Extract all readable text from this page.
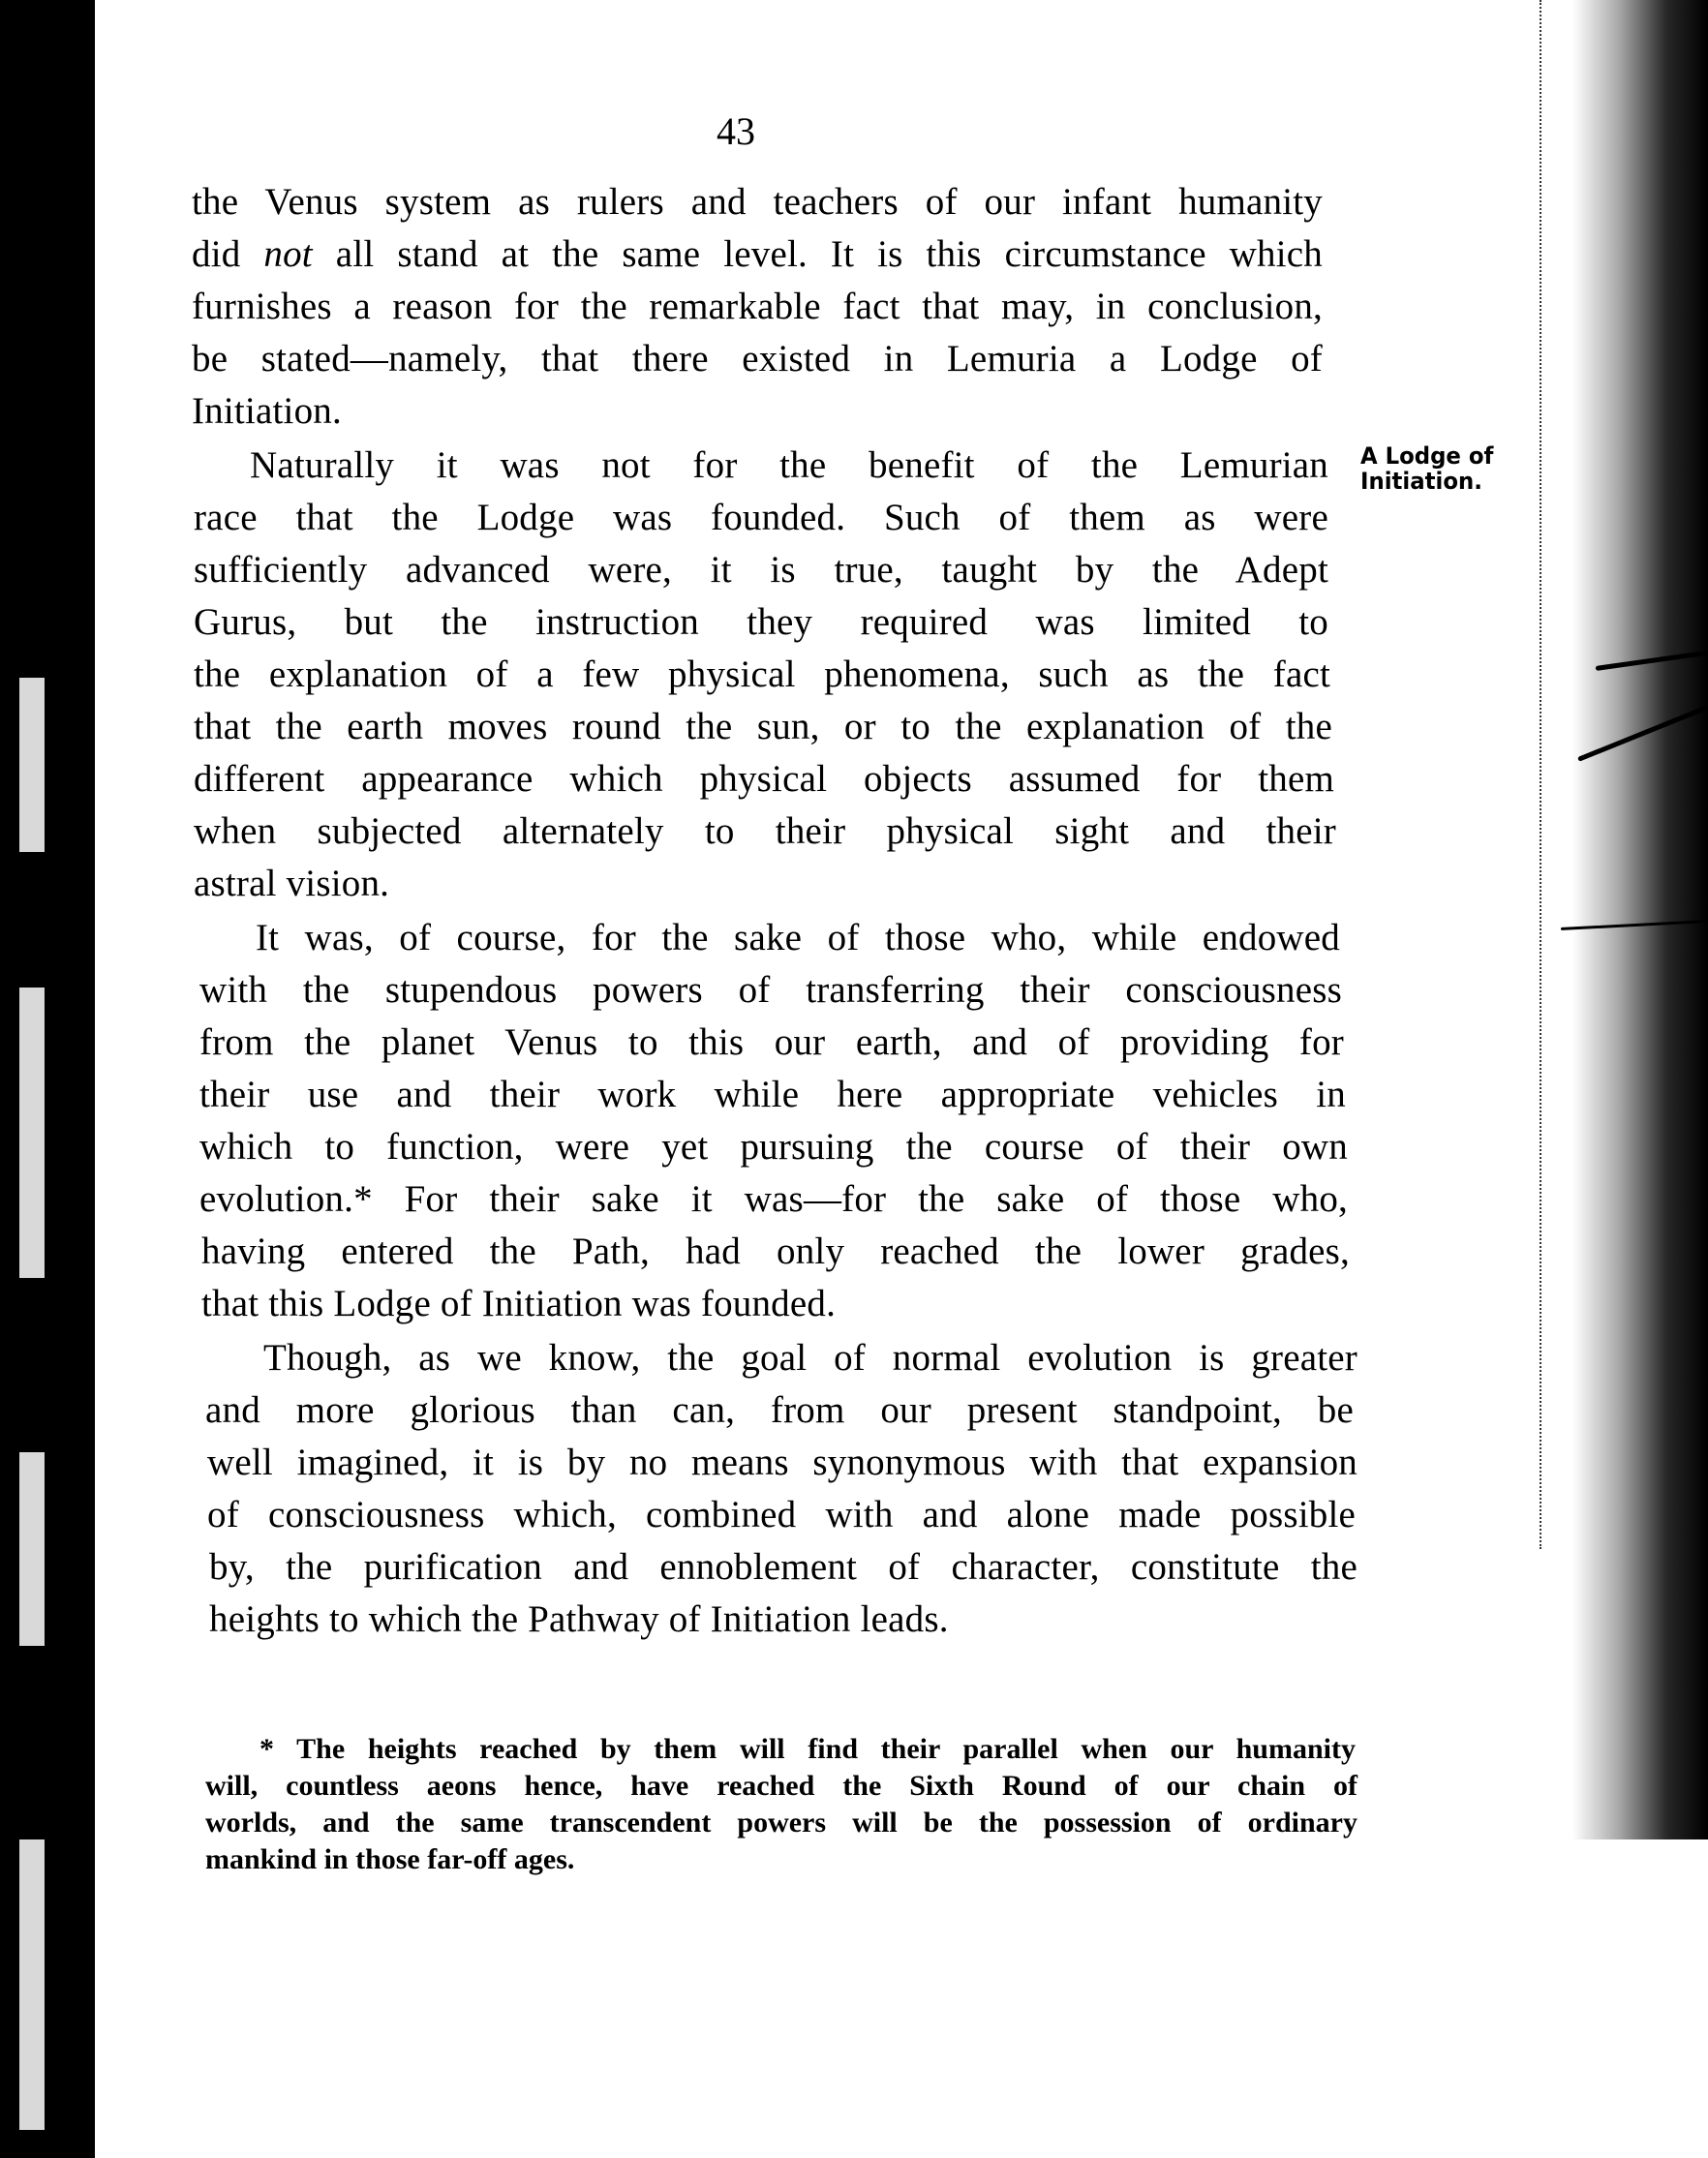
43
A Lodge of
Initiation.
the Venus system as rulers and teachers of our infant humanity
did not all stand at the same level. It is this circumstance which
furnishes a reason for the remarkable fact that may, in conclusion,
be stated—namely, that there existed in Lemuria a Lodge of
Initiation.
Naturally it was not for the benefit of the Lemurian
race that the Lodge was founded. Such of them as were
sufficiently advanced were, it is true, taught by the Adept
Gurus, but the instruction they required was limited to
the explanation of a few physical phenomena, such as the fact
that the earth moves round the sun, or to the explanation of the
different appearance which physical objects assumed for them
when subjected alternately to their physical sight and their
astral vision.
It was, of course, for the sake of those who, while endowed
with the stupendous powers of transferring their consciousness
from the planet Venus to this our earth, and of providing for
their use and their work while here appropriate vehicles in
which to function, were yet pursuing the course of their own
evolution.* For their sake it was—for the sake of those who,
having entered the Path, had only reached the lower grades,
that this Lodge of Initiation was founded.
Though, as we know, the goal of normal evolution is greater
and more glorious than can, from our present standpoint, be
well imagined, it is by no means synonymous with that expansion
of consciousness which, combined with and alone made possible
by, the purification and ennoblement of character, constitute the
heights to which the Pathway of Initiation leads.
* The heights reached by them will find their parallel when our humanity
will, countless aeons hence, have reached the Sixth Round of our chain of
worlds, and the same transcendent powers will be the possession of ordinary
mankind in those far-off ages.
